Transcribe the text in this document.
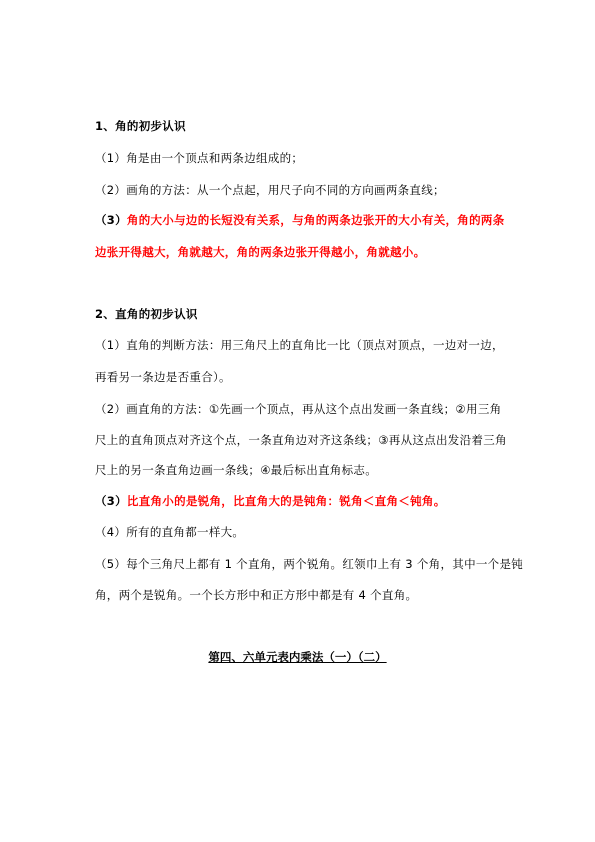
1、角的初步认识
（1）角是由一个顶点和两条边组成的；
（2）画角的方法：从一个点起，用尺子向不同的方向画两条直线；
（3）角的大小与边的长短没有关系，与角的两条边张开的大小有关，角的两条
边张开得越大，角就越大，角的两条边张开得越小，角就越小。
2、直角的初步认识
（1）直角的判断方法：用三角尺上的直角比一比（顶点对顶点，一边对一边，
再看另一条边是否重合）。
（2）画直角的方法：①先画一个顶点，再从这个点出发画一条直线；②用三角
尺上的直角顶点对齐这个点，一条直角边对齐这条线；③再从这点出发沿着三角
尺上的另一条直角边画一条线；④最后标出直角标志。
（3）比直角小的是锐角，比直角大的是钝角：锐角＜直角＜钝角。
（4）所有的直角都一样大。
（5）每个三角尺上都有 1 个直角，两个锐角。红领巾上有 3 个角，其中一个是钝
角，两个是锐角。一个长方形中和正方形中都是有 4 个直角。
第四、六单元表内乘法（一）（二）
